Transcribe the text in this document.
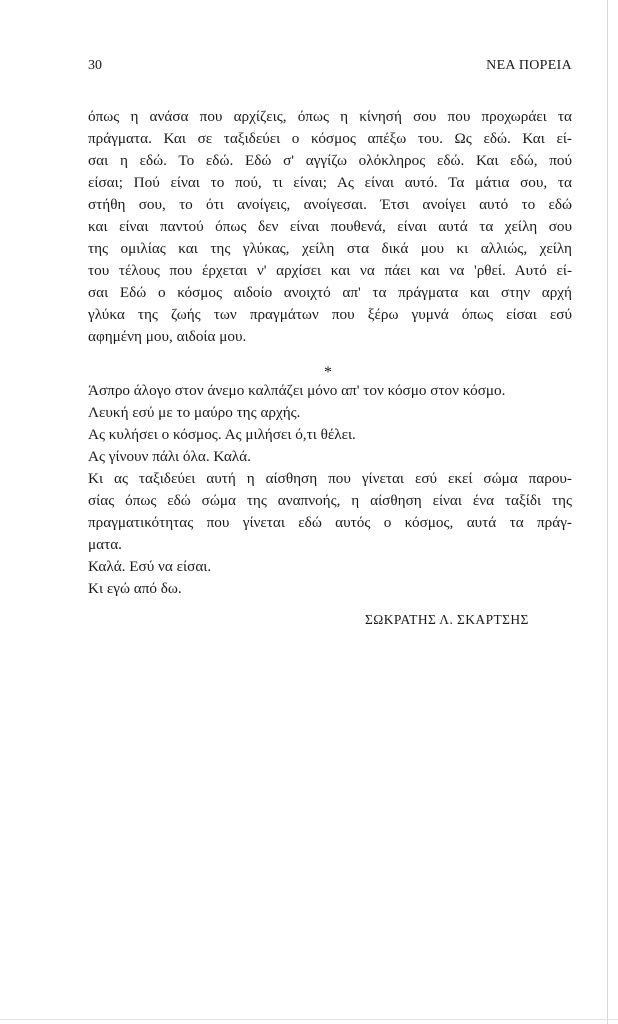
30	ΝΕΑ ΠΟΡΕΙΑ
όπως η ανάσα που αρχίζεις, όπως η κίνησή σου που προχωράει τα
πράγματα. Και σε ταξιδεύει ο κόσμος απέξω του. Ως εδώ. Και εί-
σαι η εδώ. Το εδώ. Εδώ σ' αγγίζω ολόκληρος εδώ. Και εδώ, πού
είσαι; Πού είναι το πού, τι είναι; Ας είναι αυτό. Τα μάτια σου, τα
στήθη σου, το ότι ανοίγεις, ανοίγεσαι. Έτσι ανοίγει αυτό το εδώ
και είναι παντού όπως δεν είναι πουθενά, είναι αυτά τα χείλη σου
της ομιλίας και της γλύκας, χείλη στα δικά μου κι αλλιώς, χείλη
του τέλους που έρχεται ν' αρχίσει και να πάει και να 'ρθεί. Αυτό εί-
σαι Εδώ ο κόσμος αιδοίο ανοιχτό απ' τα πράγματα και στην αρχή
γλύκα της ζωής των πραγμάτων που ξέρω γυμνά όπως είσαι εσύ
αφημένη μου, αιδοία μου.
*
Άσπρο άλογο στον άνεμο καλπάζει μόνο απ' τον κόσμο στον κόσμο.
Λευκή εσύ με το μαύρο της αρχής.
Ας κυλήσει ο κόσμος. Ας μιλήσει ό,τι θέλει.
Ας γίνουν πάλι όλα. Καλά.
Κι ας ταξιδεύει αυτή η αίσθηση που γίνεται εσύ εκεί σώμα παρου-
σίας όπως εδώ σώμα της αναπνοής, η αίσθηση είναι ένα ταξίδι της
πραγματικότητας που γίνεται εδώ αυτός ο κόσμος, αυτά τα πράγ-
ματα.
Καλά. Εσύ να είσαι.
Κι εγώ από δω.
ΣΩΚΡΑΤΗΣ Λ. ΣΚΑΡΤΣΗΣ
